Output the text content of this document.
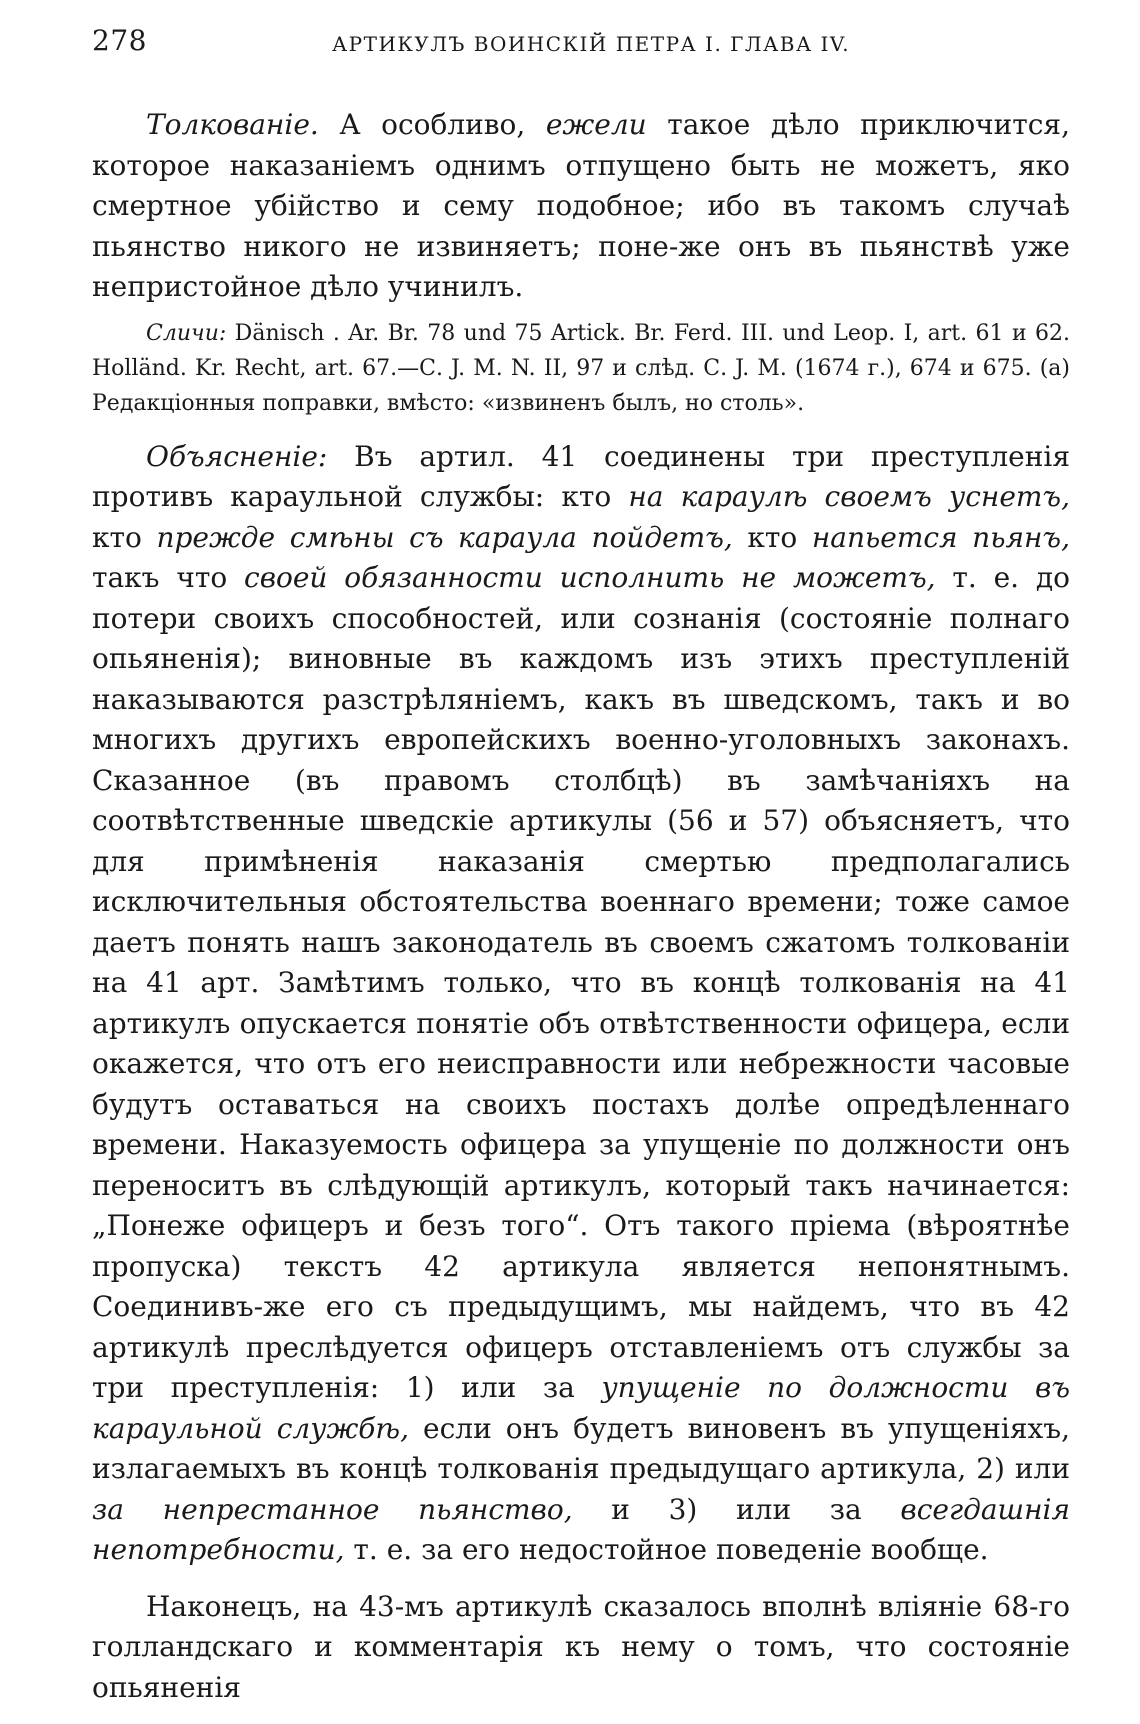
278	АРТИКУЛЪ ВОИНСКІЙ ПЕТРА I. ГЛАВА IV.

Толкованіе. А особливо, ежели такое дѣло приключится, которое наказаніемъ однимъ отпущено быть не можетъ, яко смертное убійство и сему подобное; ибо въ такомъ случаѣ пьянство никого не извиняетъ; поне-же онъ въ пьянствѣ уже непристойное дѣло учинилъ.

Сличи: Dänisch . Ar. Br. 78 und 75 Artick. Br. Ferd. III. und Leop. I, art. 61 и 62. Holländ. Kr. Recht, art. 67.—С. J. M. N. II, 97 и слѣд. С. J. M. (1674 г.), 674 и 675. (а) Редакціонныя поправки, вмѣсто: «извиненъ былъ, но столь».

Объясненіе: Въ артил. 41 соединены три преступленія противъ караульной службы: кто на караулѣ своемъ уснетъ, кто прежде смѣны съ караула пойдетъ, кто напьется пьянъ, такъ что своей обязанности исполнить не можетъ, т. е. до потери своихъ способностей, или сознанія (состояніе полнаго опьяненія); виновные въ каждомъ изъ этихъ преступленій наказываются разстрѣляніемъ, какъ въ шведскомъ, такъ и во многихъ другихъ европейскихъ военно-уголовныхъ законахъ. Сказанное (въ правомъ столбцѣ) въ замѣчаніяхъ на соотвѣтственные шведскіе артикулы (56 и 57) объясняетъ, что для примѣненія наказанія смертью предполагались исключительныя обстоятельства военнаго времени; тоже самое даетъ понять нашъ законодатель въ своемъ сжатомъ толкованіи на 41 арт. Замѣтимъ только, что въ концѣ толкованія на 41 артикулъ опускается понятіе объ отвѣтственности офицера, если окажется, что отъ его неисправности или небрежности часовые будутъ оставаться на своихъ постахъ долѣе опредѣленнаго времени. Наказуемость офицера за упущеніе по должности онъ переноситъ въ слѣдующій артикулъ, который такъ начинается: „Понеже офицеръ и безъ того“. Отъ такого пріема (вѣроятнѣе пропуска) текстъ 42 артикула является непонятнымъ. Соединивъ-же его съ предыдущимъ, мы найдемъ, что въ 42 артикулѣ преслѣдуется офицеръ отставленіемъ отъ службы за три преступленія: 1) или за упущеніе по должности въ караульной службѣ, если онъ будетъ виновенъ въ упущеніяхъ, излагаемыхъ въ концѣ толкованія предыдущаго артикула, 2) или за непрестанное пьянство, и 3) или за всегдашнія непотребности, т. е. за его недостойное поведеніе вообще.

Наконецъ, на 43-мъ артикулѣ сказалось вполнѣ вліяніе 68-го голландскаго и комментарія къ нему о томъ, что состояніе опьяненія
